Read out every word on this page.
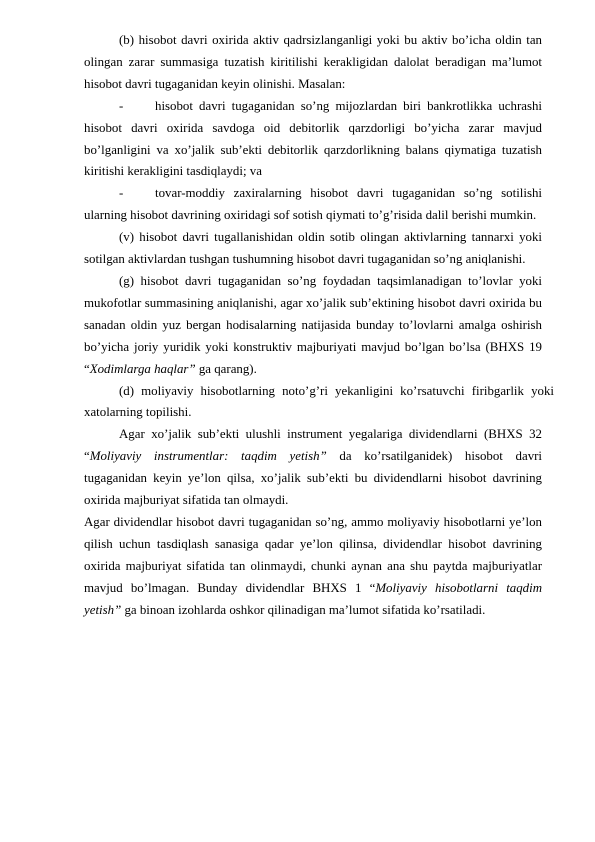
(b) hisobot davri oxirida aktiv qadrsizlanganligi yoki bu aktiv bo’icha oldin tan olingan zarar summasiga tuzatish kiritilishi kerakligidan dalolat beradigan ma’lumot hisobot davri tugaganidan keyin olinishi. Masalan:

- hisobot davri tugaganidan so’ng mijozlardan biri bankrotlikka uchrashi hisobot davri oxirida savdoga oid debitorlik qarzdorligi bo’yicha zarar mavjud bo’lganligini va xo’jalik sub’ekti debitorlik qarzdorlikning balans qiymatiga tuzatish kiritishi kerakligini tasdiqlaydi; va

- tovar-moddiy zaxiralarning hisobot davri tugaganidan so’ng sotilishi ularning hisobot davrining oxiridagi sof sotish qiymati to’g’risida dalil berishi mumkin.

(v) hisobot davri tugallanishidan oldin sotib olingan aktivlarning tannarxi yoki sotilgan aktivlardan tushgan tushumning hisobot davri tugaganidan so’ng aniqlanishi.

(g) hisobot davri tugaganidan so’ng foydadan taqsimlanadigan to’lovlar yoki mukofotlar summasining aniqlanishi, agar xo’jalik sub’ektining hisobot davri oxirida bu sanadan oldin yuz bergan hodisalarning natijasida bunday to’lovlarni amalga oshirish bo’yicha joriy yuridik yoki konstruktiv majburiyati mavjud bo’lgan bo’lsa (BHXS 19 “Xodimlarga haqlar” ga qarang).

(d) moliyaviy hisobotlarning noto’g’ri yekanligini ko’rsatuvchi firibgarlik yoki xatolarning topilishi.

Agar xo’jalik sub’ekti ulushli instrument yegalariga dividendlarni (BHXS 32 “Moliyaviy instrumentlar: taqdim yetish” da ko’rsatilganidek) hisobot davri tugaganidan keyin ye’lon qilsa, xo’jalik sub’ekti bu dividendlarni hisobot davrining oxirida majburiyat sifatida tan olmaydi.

Agar dividendlar hisobot davri tugaganidan so’ng, ammo moliyaviy hisobotlarni ye’lon qilish uchun tasdiqlash sanasiga qadar ye’lon qilinsa, dividendlar hisobot davrining oxirida majburiyat sifatida tan olinmaydi, chunki aynan ana shu paytda majburiyatlar mavjud bo’lmagan. Bunday dividendlar BHXS 1 “Moliyaviy hisobotlarni taqdim yetish” ga binoan izohlarda oshkor qilinadigan ma’lumot sifatida ko’rsatiladi.
